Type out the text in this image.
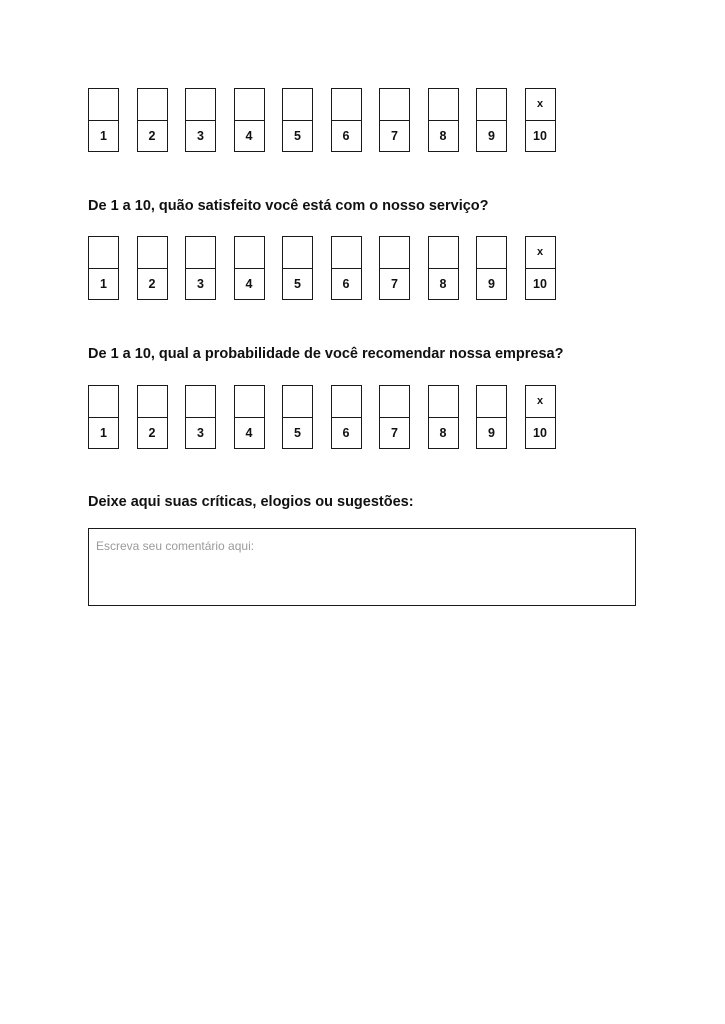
1	2	3	4	5	6	7	8	9
x
10
De 1 a 10, quão satisfeito você está com o nosso serviço?
1	2	3	4	5	6	7	8	9
x
10
De 1 a 10, qual a probabilidade de você recomendar nossa empresa?
1	2	3	4	5	6	7	8	9
x
10
Deixe aqui suas críticas, elogios ou sugestões:
Escreva seu comentário aqui:
